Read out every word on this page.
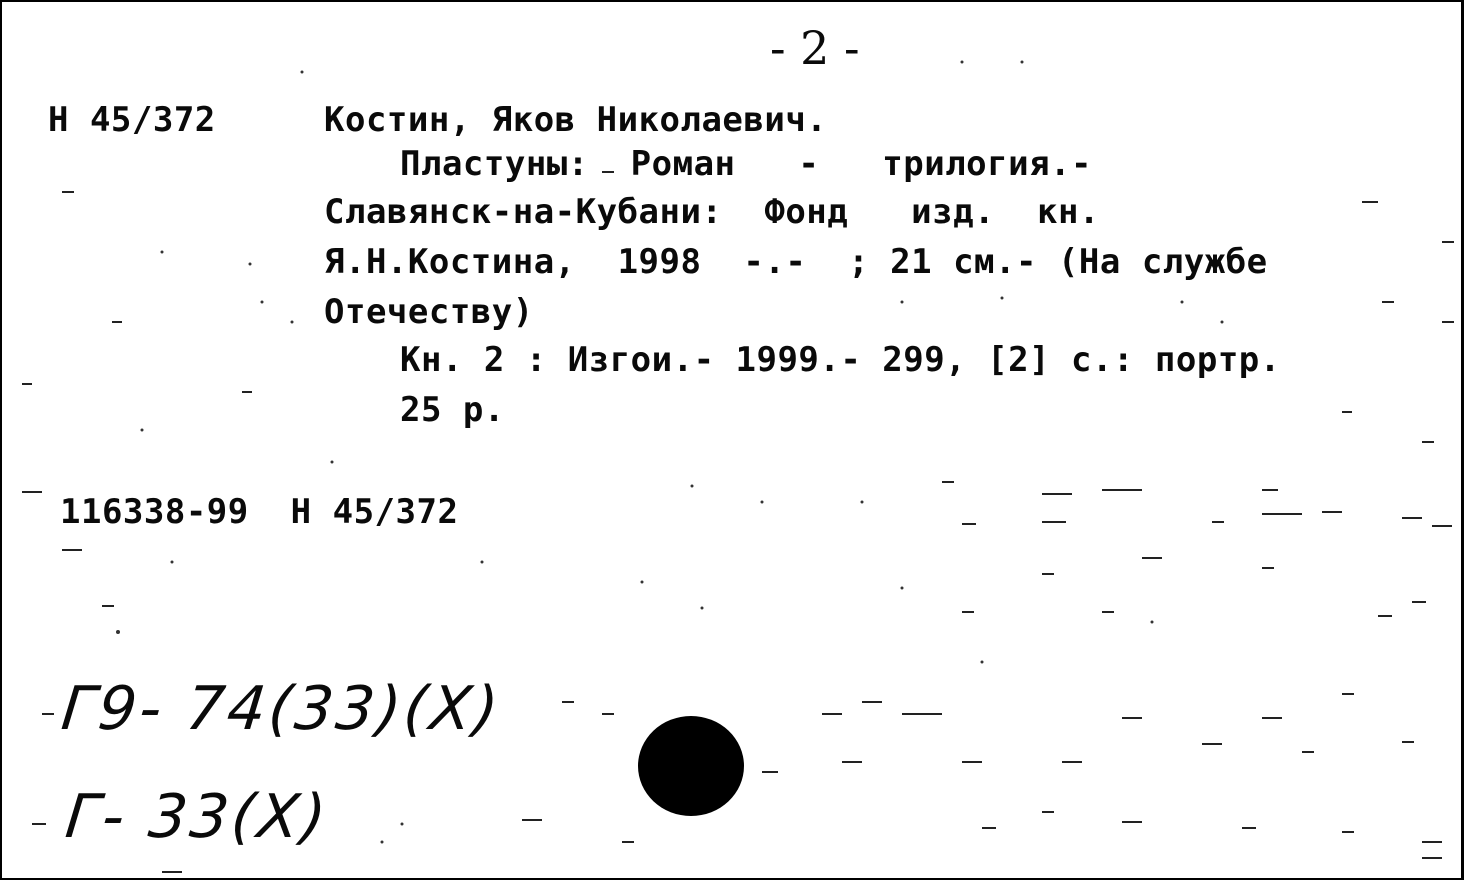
- 2 -
Н 45/372	Костин, Яков Николаевич.
Пластуны:  Роман   -   трилогия.-
Славянск-на-Кубани:  Фонд   изд.  кн.
Я.Н.Костина,  1998  -.-  ; 21 см.- (На службе
Отечеству)
Кн. 2 : Изгои.- 1999.- 299, [2] с.: портр.
25 р.
116338-99  Н 45/372
Г9- 74(33)(Х)
Г- 33(Х)
